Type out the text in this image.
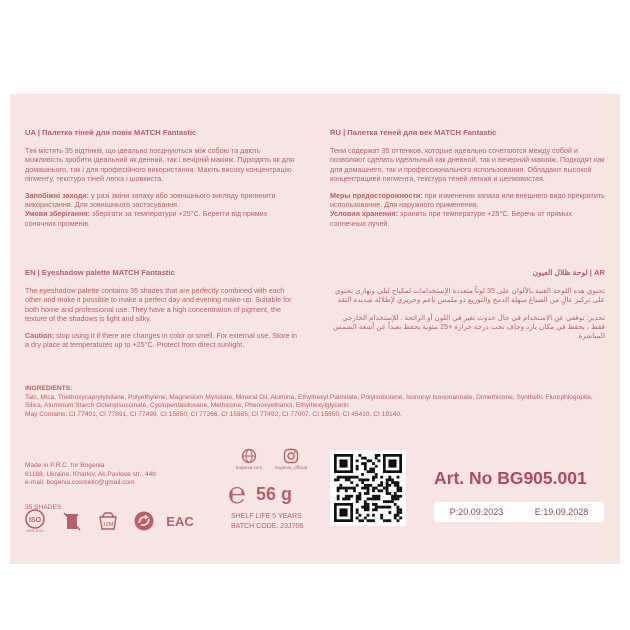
UA | Палетка тіней для повік MATCH Fantastic

Тіні містять 35 відтінків, що ідеально поєднуються між собою та дають можливість зробити ідеальний як денний, так і вечірній макіяж. Підходять як для домашнього, так і для професійного використання. Мають високу концентрацію пігменту, текстура тіней легка і шовкиста.

Запобіжні заходи: у разі зміни запаху або зовнішнього вигляду припинити використання. Для зовнішнього застосування.

Умови зберігання: зберігати за температури +25°С. Берегти від прямих сонячних променів.

RU | Палетка теней для век MATCH Fantastic

Тени содержат 35 оттенков, которые идеально сочетаются между собой и позволяют сделать идеальный как дневной, так и вечерний макияж. Подходят как для домашнего, так и профессионального использования. Обладают высокой концентрацией пигмента, текстура теней легкая и шелковистая.

Меры предосторожности: при изменении запаха или внешнего видо прекратить использование. Для наружного применения.

Условия хранения: хранить при температуре +25°С. Беречь от прямых солнечных лучей.

EN | Eyeshadow palette MATCH Fantastic

The eyeshadow palette contains 35 shades that are perfectly combined with each other and make it possible to make a perfect day and evening make-up. Suitable for both home and professional use. They have a high concentration of pigment, the texture of the shadows is light and silky.

Caution: stop using it if there are changes in color or smell. For external use. Store in a dry place at temperatures up to +25°C. Protect from direct sunlight.

AR | لوحة ظلال العيون

تحتوي هذه اللوحة الغنية بالألوان على 35 لوناً متعددة الإستخدامات لمكياج ليلي ونهاري تحتوي على تركيز عالٍ من الصباغ سهلة الدمج والتوزيع ذو ملمس ناعم وحريري لإطلالة شديدة الثقة

تحذير: توقفي عن الاستخدام في حال حدوث تغير في اللون أو الرائحة . للإستخدام الخارجي فقط ، يحفظ في مكان بارد وجاف تحت درجة حرارة +25 مئوية يحفظ بعيداً عن أشعة الشمس المباشرة

INGREDIENTS:
Talc, Mica, Triethoxycaprylylsilane, Polyethylene, Magnesium Myristate, Mineral Oil, Alumina, Ethylhexyl Palmitate, Polyisobutene, Isononyl Isononanoate, Dimethicone, Synthetic Fluorphlogopite, Silica, Aluminum Starch Octenylsuccinate, Cyclopentasiloxane, Methicone, Phenoxyethanol, Ethylhexylglycerin
May Contains: CI 77491, CI 77891, CI 77499, CI 15850, CI 77266, CI 15985, CI 77492, CI 77007, CI 15850, CI 45410, CI 19140.
Made in P.R.C. for Bogenia
61168, Ukraine, Kharkiv, Ak.Pavlova str., 44b
e-mail: bogenia.cosmetic@gmail.com
35 SHADES
ISO
9001:2015
12M	EAC
bogenia.com	bogenia_official
℮ 56 g
SHELF LIFE 5 YEARS
BATCH CODE: 23J706
Art. No BG905.001
P:20.09.2023	E:19.09.2028
